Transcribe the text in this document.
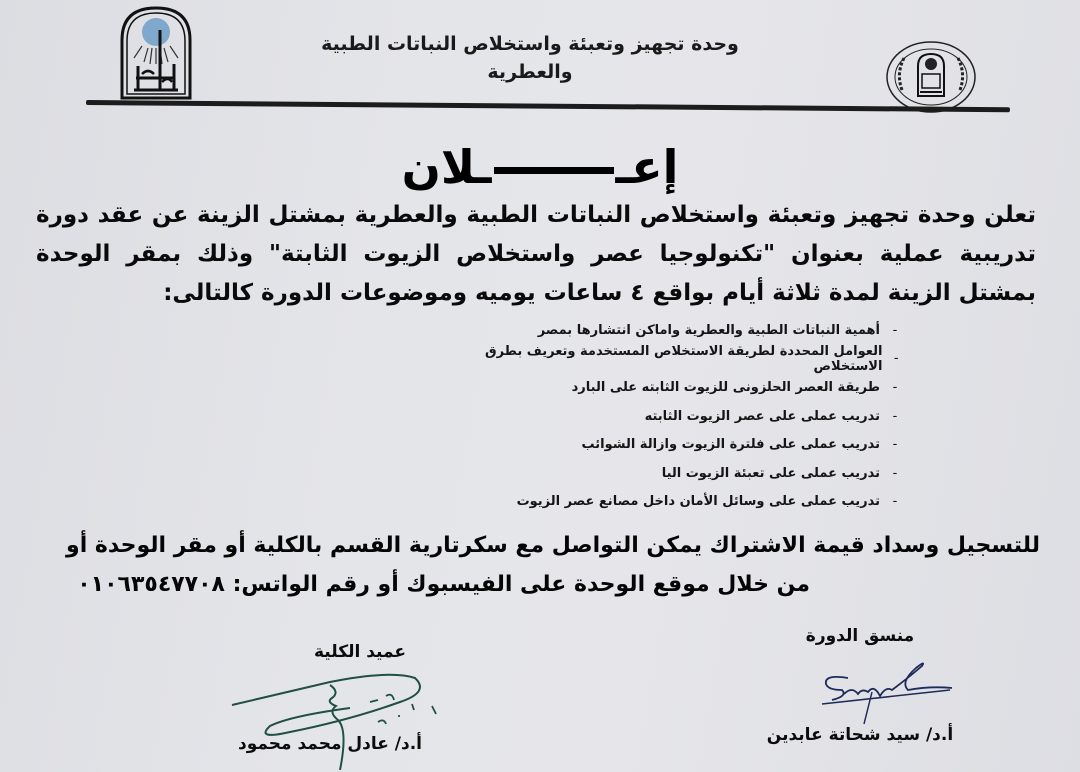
وحدة تجهيز وتعبئة واستخلاص النباتات الطبية
والعطرية
إعــلان
تعلن وحدة تجهيز وتعبئة واستخلاص النباتات الطبية والعطرية بمشتل الزينة عن عقد دورة تدريبية عملية بعنوان "تكنولوجيا عصر واستخلاص الزيوت الثابتة" وذلك بمقر الوحدة بمشتل الزينة لمدة ثلاثة أيام بواقع ٤ ساعات يوميه وموضوعات الدورة كالتالى:
-
أهمية النباتات الطبية والعطرية واماكن انتشارها بمصر
-
العوامل المحددة لطريقة الاستخلاص المستخدمة وتعريف بطرق الاستخلاص
-
طريقة العصر الحلزونى للزيوت الثابته على البارد
-
تدريب عملى على عصر الزيوت الثابته
-
تدريب عملى على فلترة الزيوت وازالة الشوائب
-
تدريب عملى على تعبئة الزيوت اليا
-
تدريب عملى على وسائل الأمان داخل مصانع عصر الزيوت
للتسجيل وسداد قيمة الاشتراك يمكن التواصل مع سكرتارية القسم بالكلية أو مقر الوحدة أو
من خلال موقع الوحدة على الفيسبوك أو رقم الواتس: ٠١٠٦٣٥٤٧٧٠٨
عميد الكلية
أ.د/ عادل محمد محمود
منسق الدورة
أ.د/ سيد شحاتة عابدين
